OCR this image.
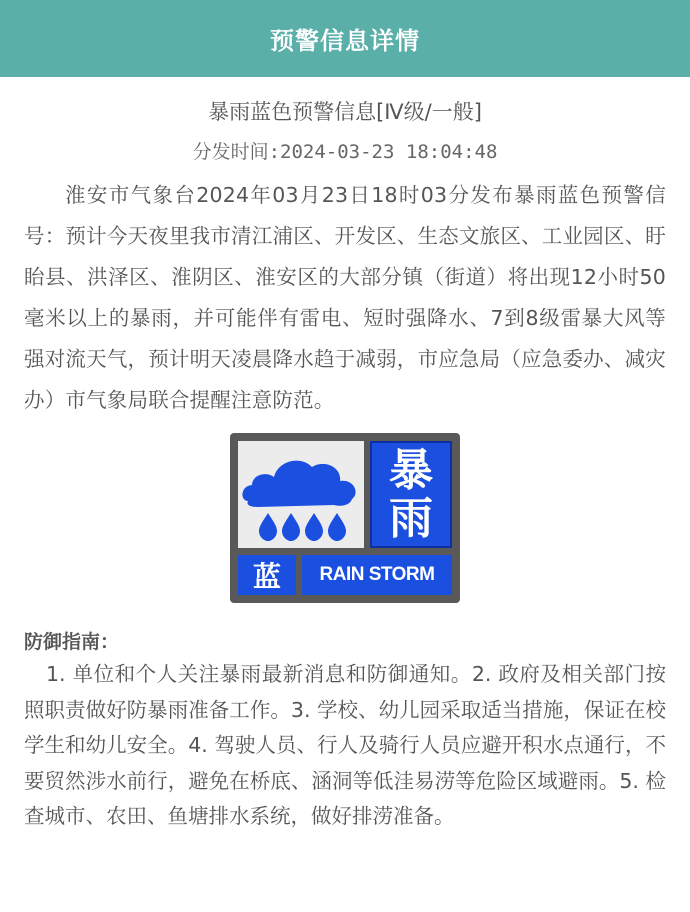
预警信息详情
暴雨蓝色预警信息[Ⅳ级/一般]
分发时间:2024-03-23 18:04:48
淮安市气象台2024年03月23日18时03分发布暴雨蓝色预警信号：预计今天夜里我市清江浦区、开发区、生态文旅区、工业园区、盱眙县、洪泽区、淮阴区、淮安区的大部分镇（街道）将出现12小时50毫米以上的暴雨，并可能伴有雷电、短时强降水、7到8级雷暴大风等强对流天气，预计明天凌晨降水趋于减弱，市应急局（应急委办、减灾办）市气象局联合提醒注意防范。
暴
雨
蓝	RAIN STORM
防御指南：
1. 单位和个人关注暴雨最新消息和防御通知。2. 政府及相关部门按照职责做好防暴雨准备工作。3. 学校、幼儿园采取适当措施，保证在校学生和幼儿安全。4. 驾驶人员、行人及骑行人员应避开积水点通行，不要贸然涉水前行，避免在桥底、涵洞等低洼易涝等危险区域避雨。5. 检查城市、农田、鱼塘排水系统，做好排涝准备。
